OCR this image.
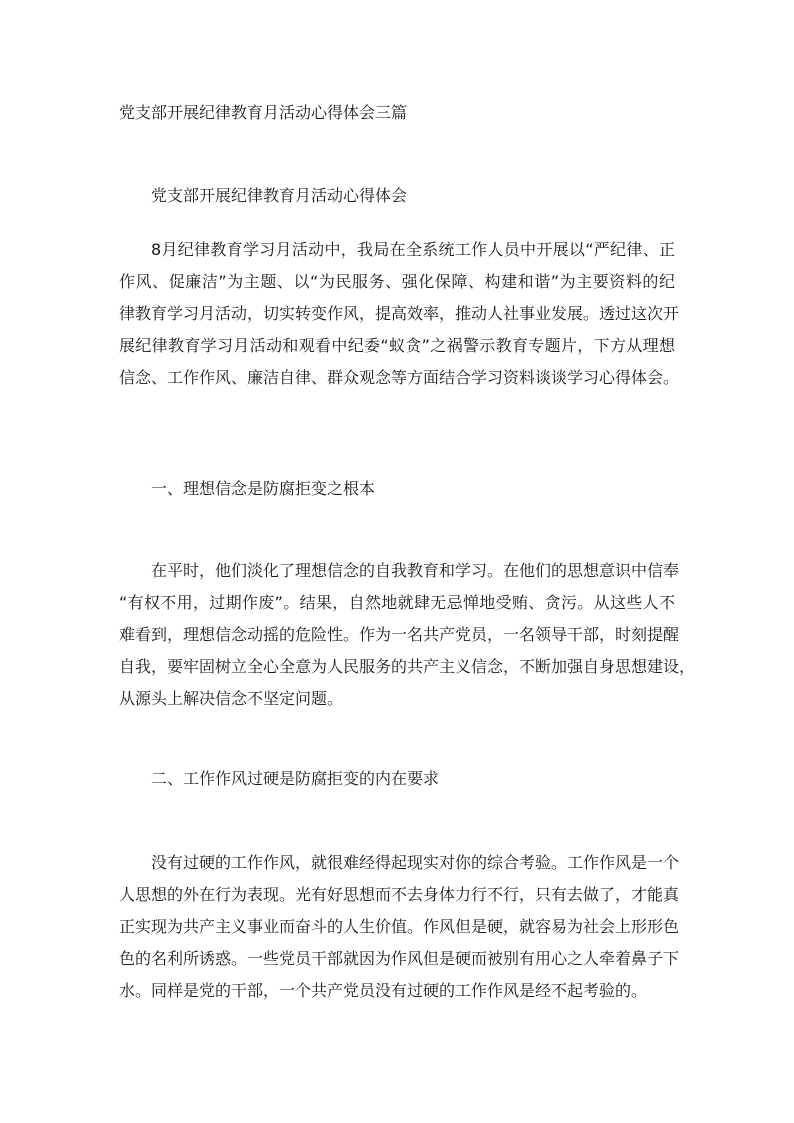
党支部开展纪律教育月活动心得体会三篇
党支部开展纪律教育月活动心得体会
8月纪律教育学习月活动中，我局在全系统工作人员中开展以“严纪律、正
作风、促廉洁”为主题、以“为民服务、强化保障、构建和谐”为主要资料的纪
律教育学习月活动，切实转变作风，提高效率，推动人社事业发展。透过这次开
展纪律教育学习月活动和观看中纪委“蚁贪”之祸警示教育专题片，下方从理想
信念、工作作风、廉洁自律、群众观念等方面结合学习资料谈谈学习心得体会。
一、理想信念是防腐拒变之根本
在平时，他们淡化了理想信念的自我教育和学习。在他们的思想意识中信奉
“有权不用，过期作废”。结果，自然地就肆无忌惮地受贿、贪污。从这些人不
难看到，理想信念动摇的危险性。作为一名共产党员，一名领导干部，时刻提醒
自我，要牢固树立全心全意为人民服务的共产主义信念，不断加强自身思想建设，
从源头上解决信念不坚定问题。
二、工作作风过硬是防腐拒变的内在要求
没有过硬的工作作风，就很难经得起现实对你的综合考验。工作作风是一个
人思想的外在行为表现。光有好思想而不去身体力行不行，只有去做了，才能真
正实现为共产主义事业而奋斗的人生价值。作风但是硬，就容易为社会上形形色
色的名利所诱惑。一些党员干部就因为作风但是硬而被别有用心之人牵着鼻子下
水。同样是党的干部，一个共产党员没有过硬的工作作风是经不起考验的。
